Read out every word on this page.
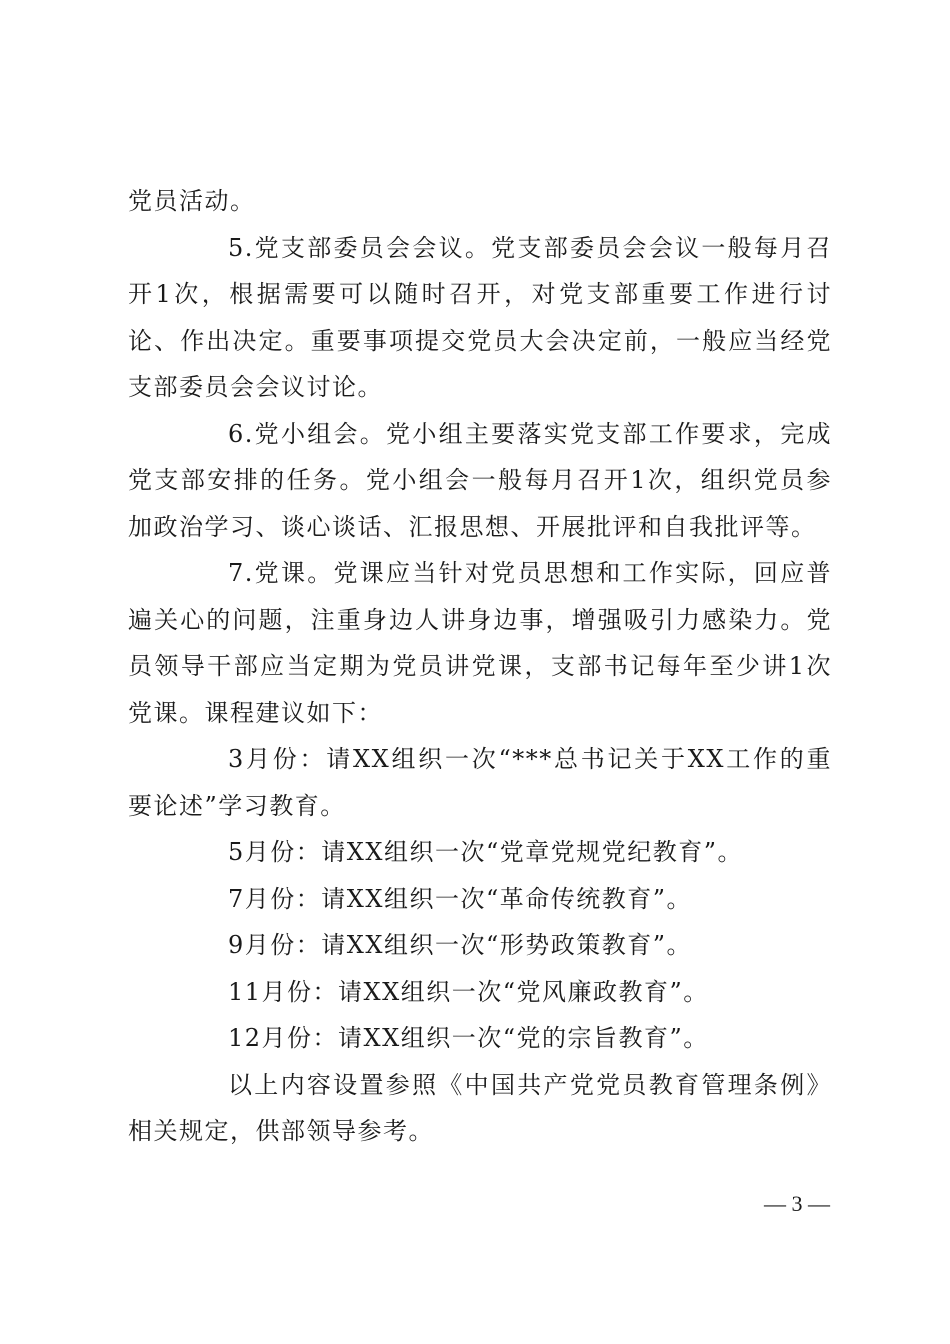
党员活动。

5.党支部委员会会议。党支部委员会会议一般每月召开1次，根据需要可以随时召开，对党支部重要工作进行讨论、作出决定。重要事项提交党员大会决定前，一般应当经党支部委员会会议讨论。

6.党小组会。党小组主要落实党支部工作要求，完成党支部安排的任务。党小组会一般每月召开1次，组织党员参加政治学习、谈心谈话、汇报思想、开展批评和自我批评等。

7.党课。党课应当针对党员思想和工作实际，回应普遍关心的问题，注重身边人讲身边事，增强吸引力感染力。党员领导干部应当定期为党员讲党课，支部书记每年至少讲1次党课。课程建议如下：

3月份：请XX组织一次“***总书记关于XX工作的重要论述”学习教育。

5月份：请XX组织一次“党章党规党纪教育”。

7月份：请XX组织一次“革命传统教育”。

9月份：请XX组织一次“形势政策教育”。

11月份：请XX组织一次“党风廉政教育”。

12月份：请XX组织一次“党的宗旨教育”。

以上内容设置参照《中国共产党党员教育管理条例》相关规定，供部领导参考。

— 3 —
